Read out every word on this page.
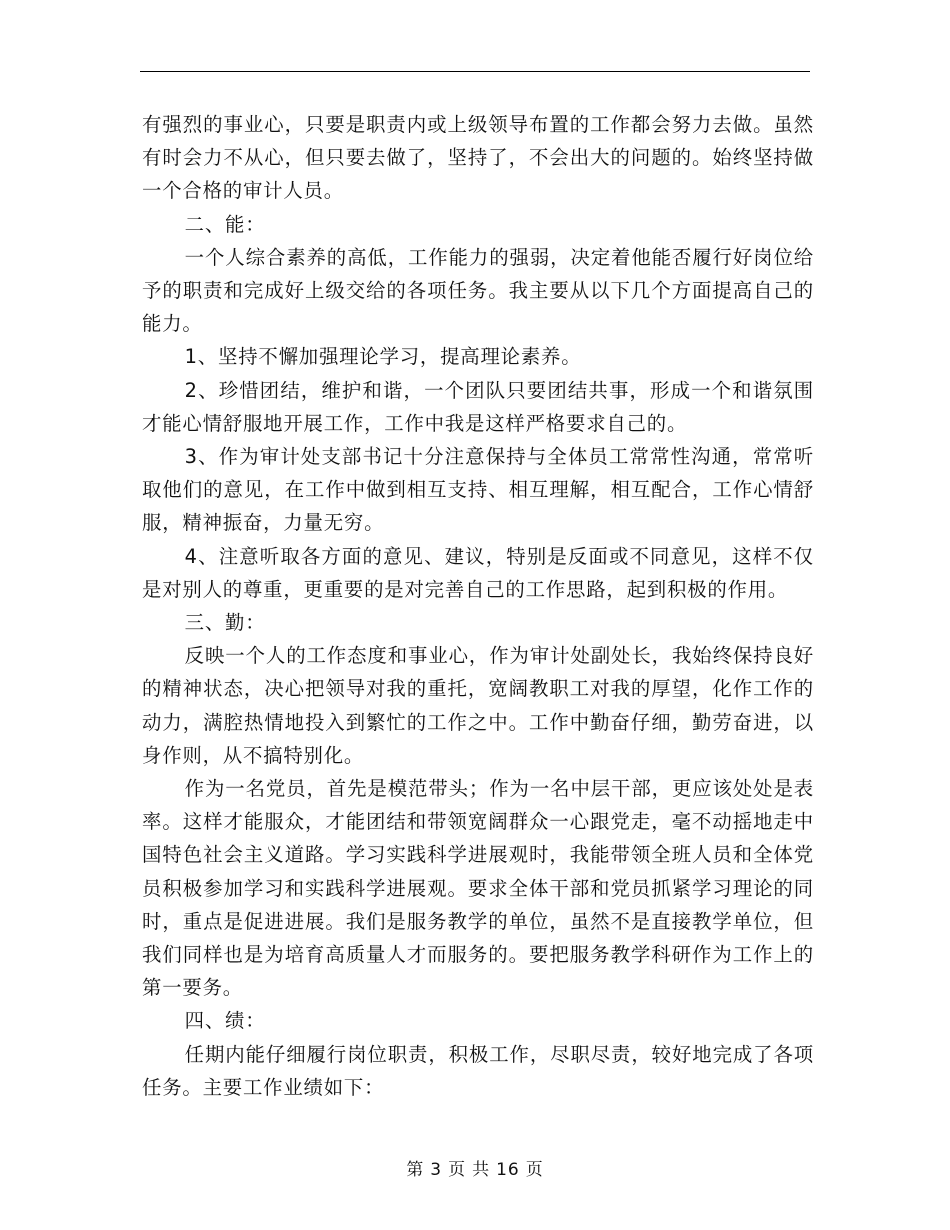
有强烈的事业心，只要是职责内或上级领导布置的工作都会努力去做。虽然有时会力不从心，但只要去做了，坚持了，不会出大的问题的。始终坚持做一个合格的审计人员。

二、能：

一个人综合素养的高低，工作能力的强弱，决定着他能否履行好岗位给予的职责和完成好上级交给的各项任务。我主要从以下几个方面提高自己的能力。

1、坚持不懈加强理论学习，提高理论素养。

2、珍惜团结，维护和谐，一个团队只要团结共事，形成一个和谐氛围才能心情舒服地开展工作，工作中我是这样严格要求自己的。

3、作为审计处支部书记十分注意保持与全体员工常常性沟通，常常听取他们的意见，在工作中做到相互支持、相互理解，相互配合，工作心情舒服，精神振奋，力量无穷。

4、注意听取各方面的意见、建议，特别是反面或不同意见，这样不仅是对别人的尊重，更重要的是对完善自己的工作思路，起到积极的作用。

三、勤：

反映一个人的工作态度和事业心，作为审计处副处长，我始终保持良好的精神状态，决心把领导对我的重托，宽阔教职工对我的厚望，化作工作的动力，满腔热情地投入到繁忙的工作之中。工作中勤奋仔细，勤劳奋进，以身作则，从不搞特别化。

作为一名党员，首先是模范带头；作为一名中层干部，更应该处处是表率。这样才能服众，才能团结和带领宽阔群众一心跟党走，毫不动摇地走中国特色社会主义道路。学习实践科学进展观时，我能带领全班人员和全体党员积极参加学习和实践科学进展观。要求全体干部和党员抓紧学习理论的同时，重点是促进进展。我们是服务教学的单位，虽然不是直接教学单位，但我们同样也是为培育高质量人才而服务的。要把服务教学科研作为工作上的第一要务。

四、绩：

任期内能仔细履行岗位职责，积极工作，尽职尽责，较好地完成了各项任务。主要工作业绩如下：

第 3 页 共 16 页
